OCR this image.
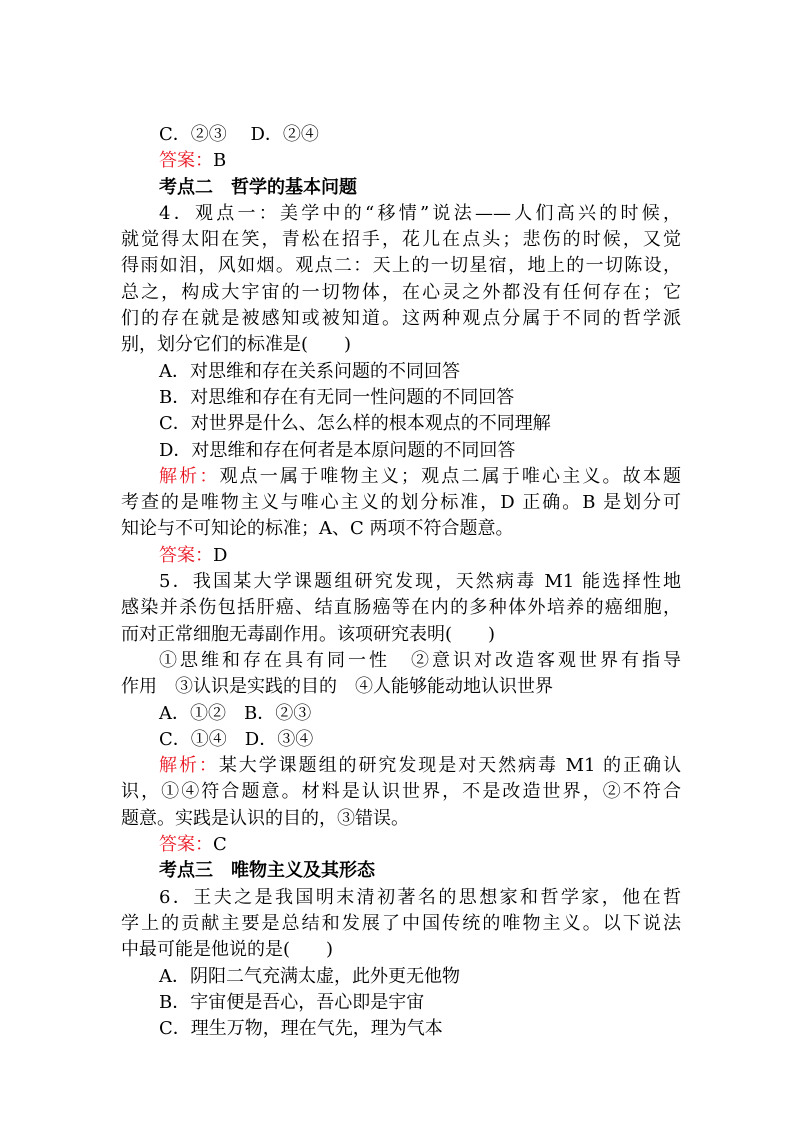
C．②③　 D．②④
答案：B
考点二　哲学的基本问题
4．观点一：美学中的“移情”说法——人们高兴的时候，
就觉得太阳在笑，青松在招手，花儿在点头；悲伤的时候，又觉
得雨如泪，风如烟。观点二：天上的一切星宿，地上的一切陈设，
总之，构成大宇宙的一切物体，在心灵之外都没有任何存在；它
们的存在就是被感知或被知道。这两种观点分属于不同的哲学派
别，划分它们的标准是(　　)
A．对思维和存在关系问题的不同回答
B．对思维和存在有无同一性问题的不同回答
C．对世界是什么、怎么样的根本观点的不同理解
D．对思维和存在何者是本原问题的不同回答
解析：观点一属于唯物主义；观点二属于唯心主义。故本题
考查的是唯物主义与唯心主义的划分标准，D 正确。B 是划分可
知论与不可知论的标准；A、C 两项不符合题意。
答案：D
5．我国某大学课题组研究发现，天然病毒 M1 能选择性地
感染并杀伤包括肝癌、结直肠癌等在内的多种体外培养的癌细胞，
而对正常细胞无毒副作用。该项研究表明(　　)
①思维和存在具有同一性　②意识对改造客观世界有指导
作用　③认识是实践的目的　④人能够能动地认识世界
A．①②　B．②③
C．①④　D．③④
解析：某大学课题组的研究发现是对天然病毒 M1 的正确认
识，①④符合题意。材料是认识世界，不是改造世界，②不符合
题意。实践是认识的目的，③错误。
答案：C
考点三　唯物主义及其形态
6．王夫之是我国明末清初著名的思想家和哲学家，他在哲
学上的贡献主要是总结和发展了中国传统的唯物主义。以下说法
中最可能是他说的是(　　)
A．阴阳二气充满太虚，此外更无他物
B．宇宙便是吾心，吾心即是宇宙
C．理生万物，理在气先，理为气本
